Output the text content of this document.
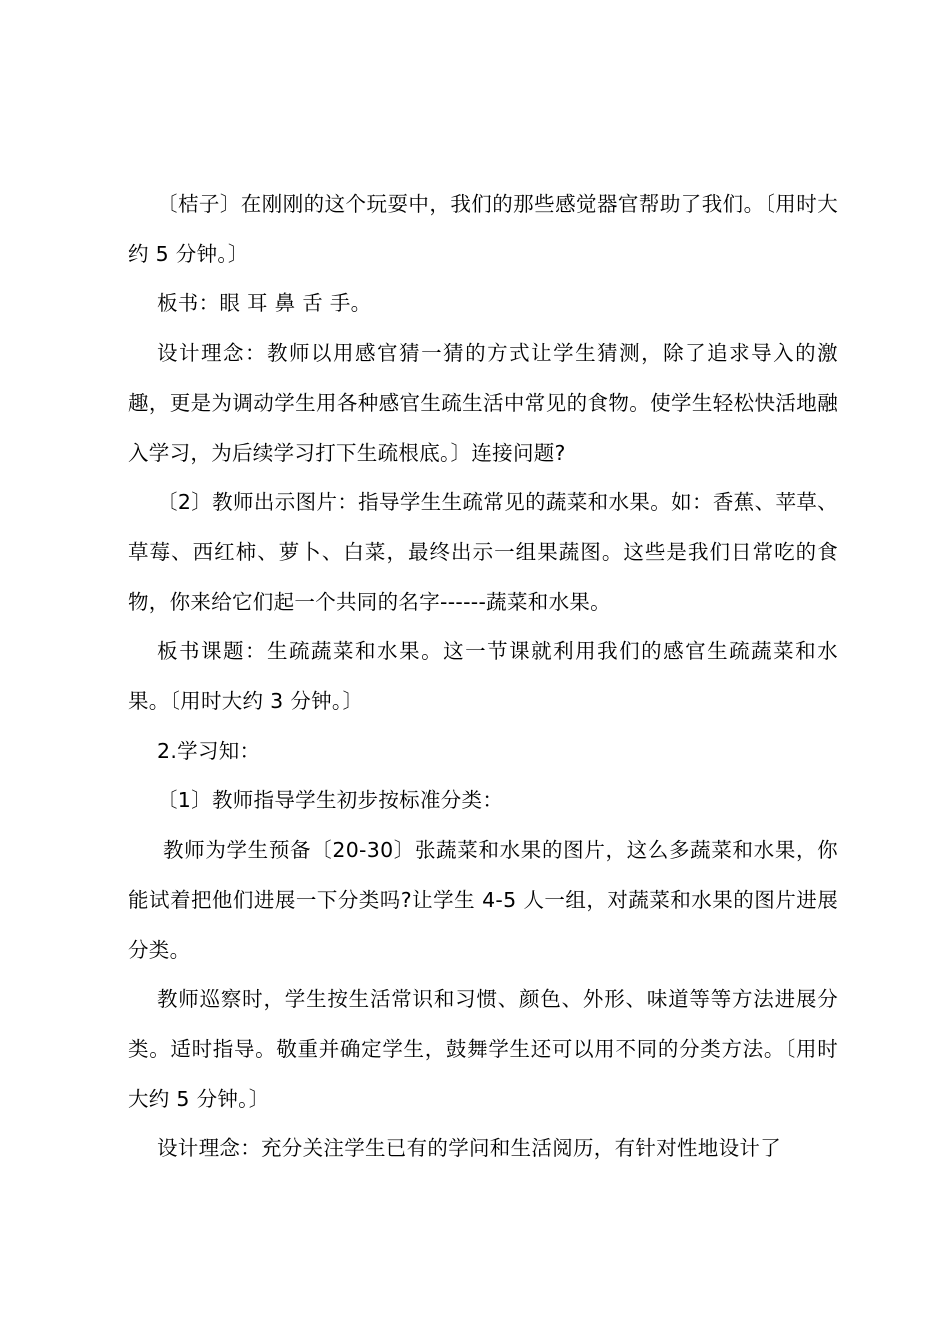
〔桔子〕在刚刚的这个玩耍中，我们的那些感觉器官帮助了我们。〔用时大约 5 分钟。〕

板书：眼 耳 鼻 舌 手。

设计理念：教师以用感官猜一猜的方式让学生猜测，除了追求导入的激趣，更是为调动学生用各种感官生疏生活中常见的食物。使学生轻松快活地融入学习，为后续学习打下生疏根底。〕连接问题?

〔2〕教师出示图片：指导学生生疏常见的蔬菜和水果。如：香蕉、苹草、草莓、西红柿、萝卜、白菜，最终出示一组果蔬图。这些是我们日常吃的食物，你来给它们起一个共同的名字------蔬菜和水果。

板书课题：生疏蔬菜和水果。这一节课就利用我们的感官生疏蔬菜和水果。〔用时大约 3 分钟。〕

2.学习知：

〔1〕教师指导学生初步按标准分类：

教师为学生预备〔20-30〕张蔬菜和水果的图片，这么多蔬菜和水果，你能试着把他们进展一下分类吗?让学生 4-5 人一组，对蔬菜和水果的图片进展分类。

教师巡察时，学生按生活常识和习惯、颜色、外形、味道等等方法进展分类。适时指导。敬重并确定学生，鼓舞学生还可以用不同的分类方法。〔用时大约 5 分钟。〕

设计理念：充分关注学生已有的学问和生活阅历，有针对性地设计了
